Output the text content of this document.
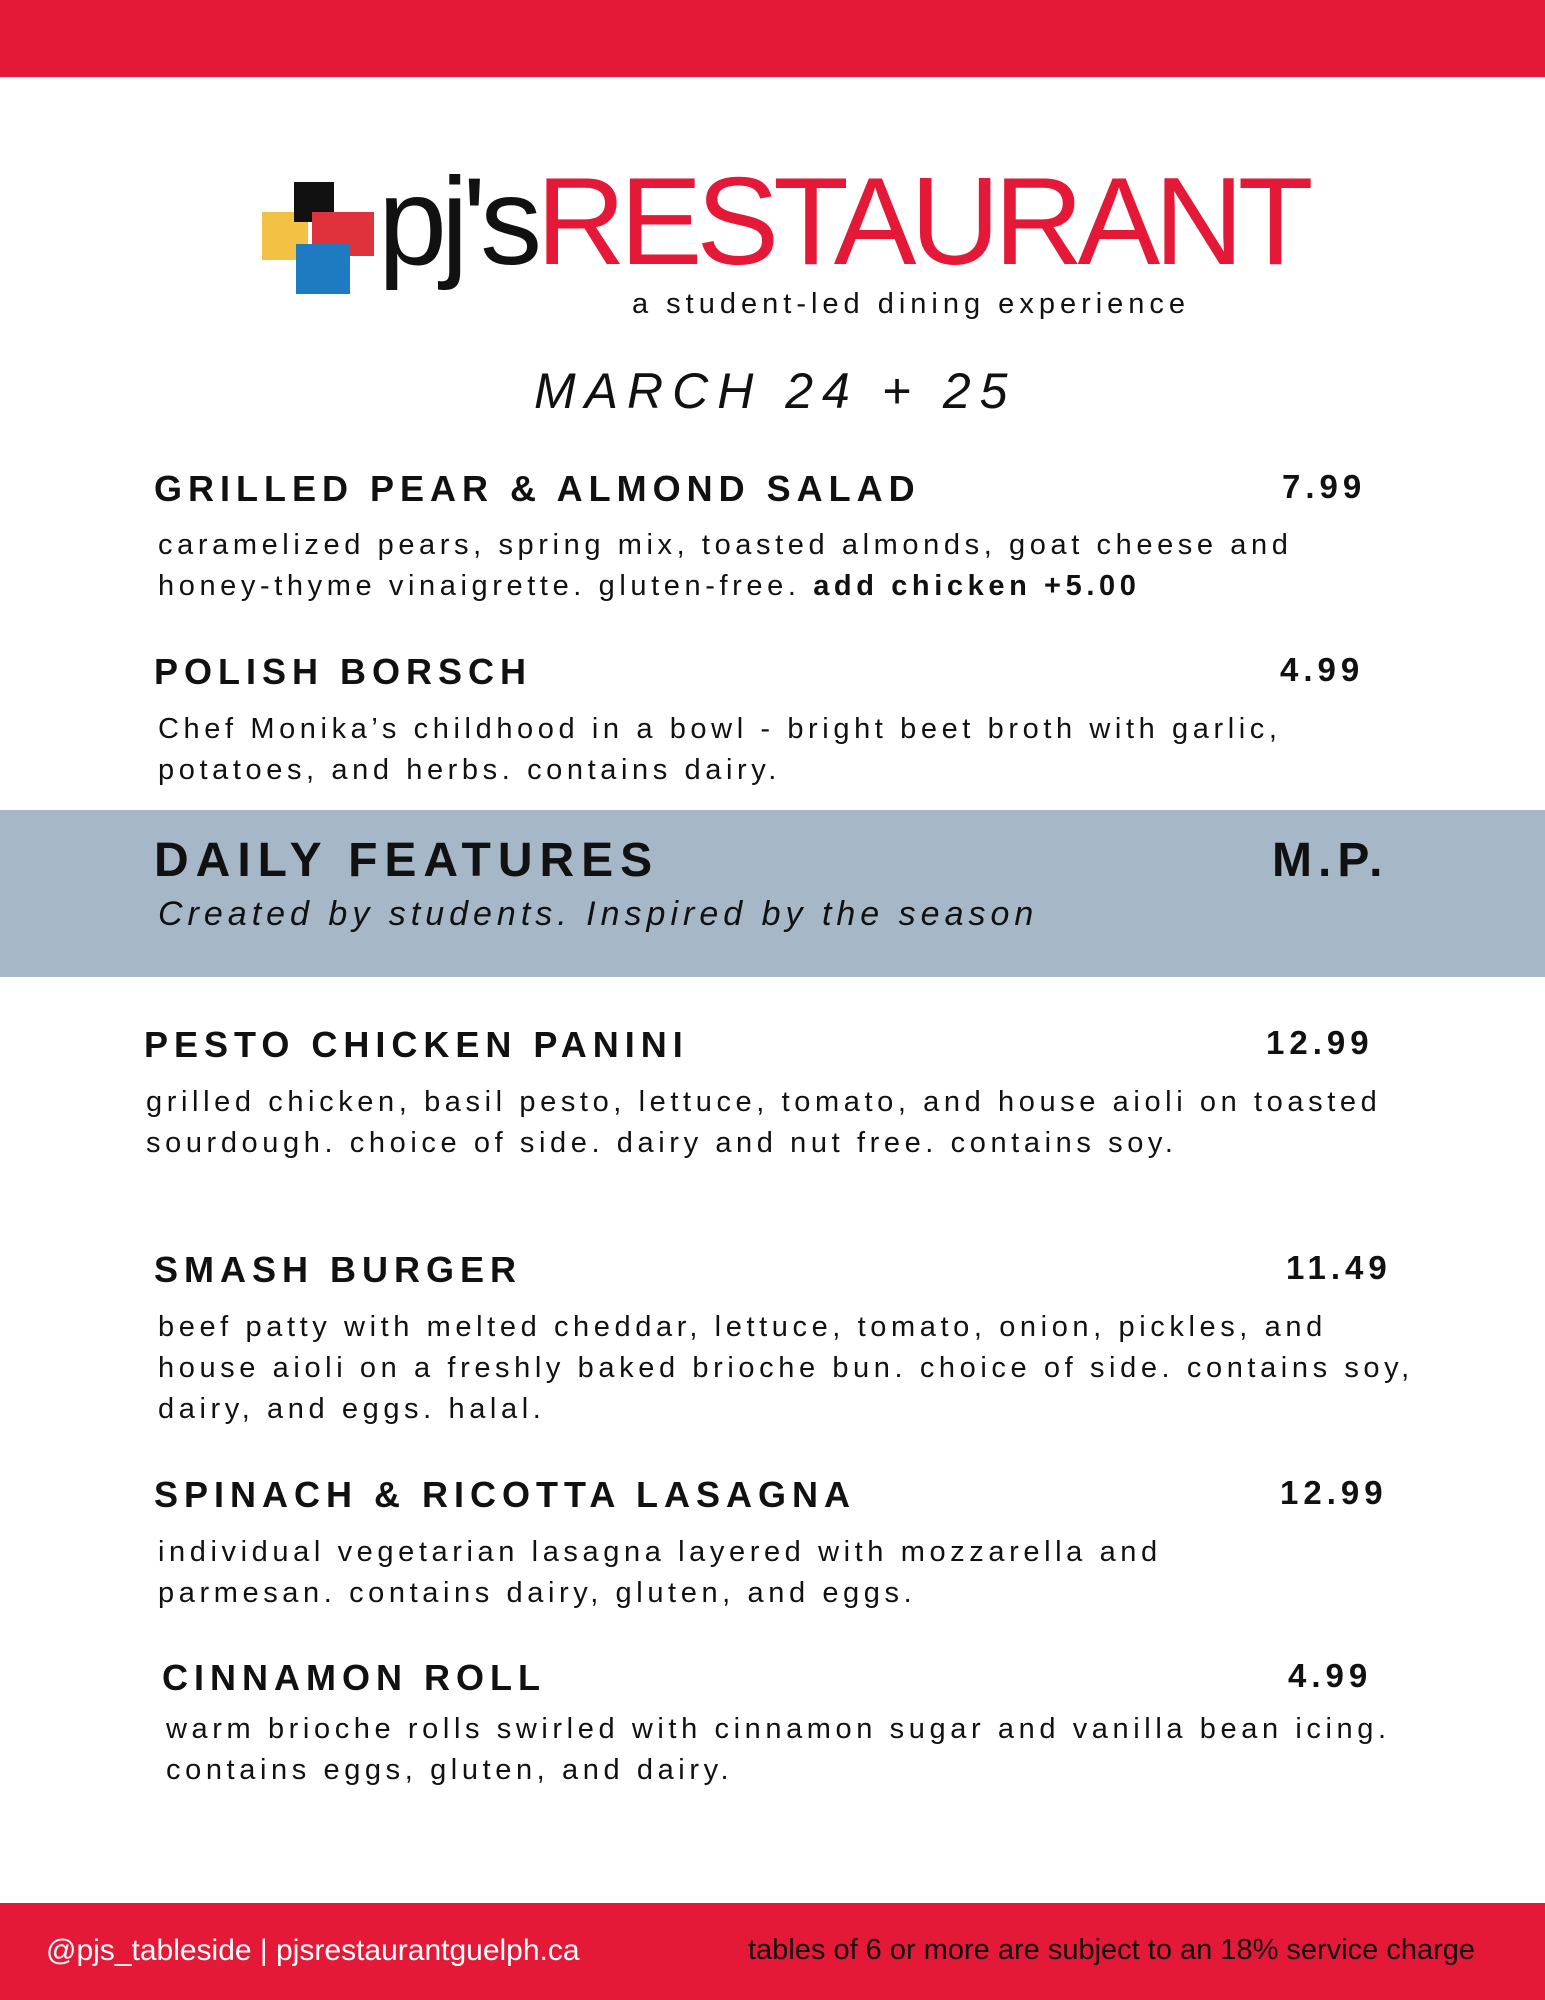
pj'sRESTAURANT
a student-led dining experience
MARCH 24 + 25
GRILLED PEAR & ALMOND SALAD	7.99
caramelized pears, spring mix, toasted almonds, goat cheese and honey-thyme vinaigrette. gluten-free. add chicken +5.00
POLISH BORSCH	4.99
Chef Monika’s childhood in a bowl - bright beet broth with garlic, potatoes, and herbs. contains dairy.
DAILY FEATURES	M.P.
Created by students. Inspired by the season
PESTO CHICKEN PANINI	12.99
grilled chicken, basil pesto, lettuce, tomato, and house aioli on toasted sourdough. choice of side. dairy and nut free. contains soy.
SMASH BURGER	11.49
beef patty with melted cheddar, lettuce, tomato, onion, pickles, and house aioli on a freshly baked brioche bun. choice of side. contains soy, dairy, and eggs. halal.
SPINACH & RICOTTA LASAGNA	12.99
individual vegetarian lasagna layered with mozzarella and parmesan. contains dairy, gluten, and eggs.
CINNAMON ROLL	4.99
warm brioche rolls swirled with cinnamon sugar and vanilla bean icing. contains eggs, gluten, and dairy.
@pjs_tableside | pjsrestaurantguelph.ca	tables of 6 or more are subject to an 18% service charge
